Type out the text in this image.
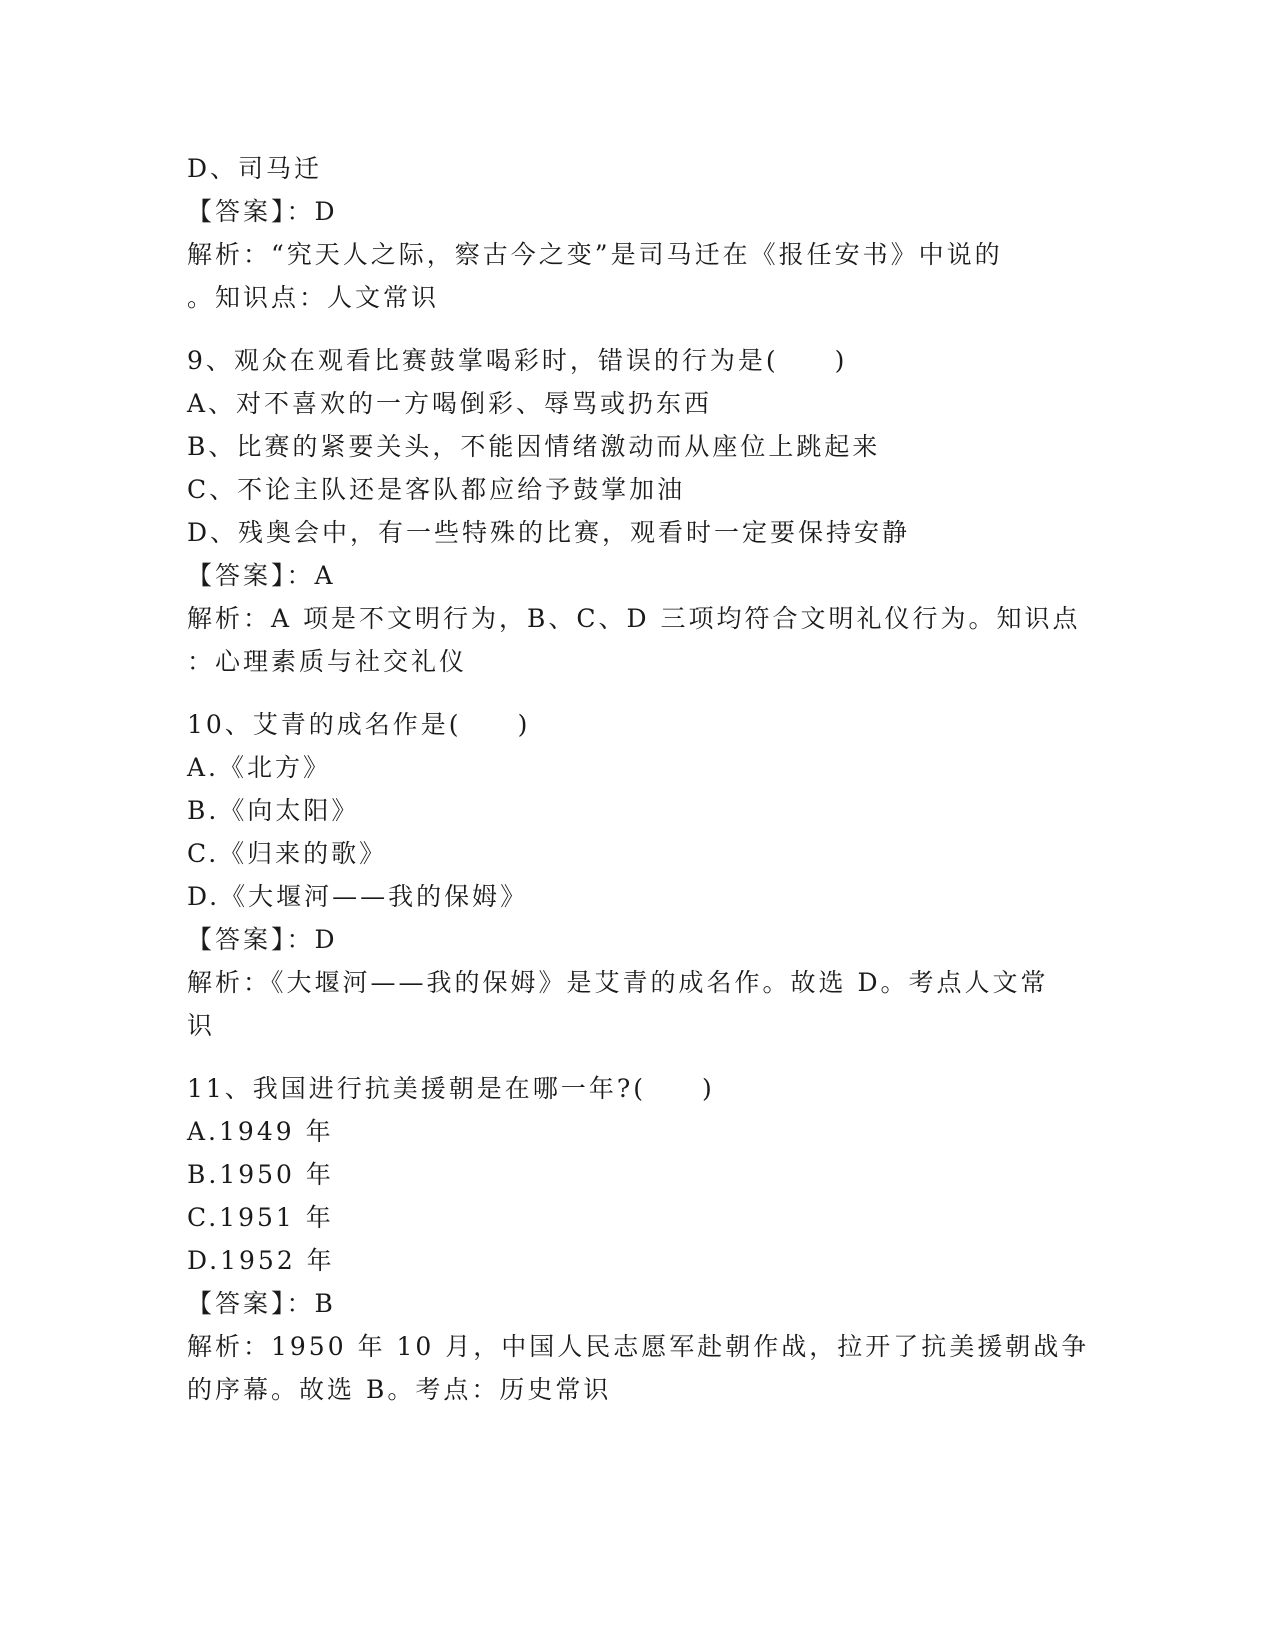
D、司马迁
【答案】：D
解析：“究天人之际，察古今之变”是司马迁在《报任安书》中说的
。知识点：人文常识
9、观众在观看比赛鼓掌喝彩时，错误的行为是(　　)
A、对不喜欢的一方喝倒彩、辱骂或扔东西
B、比赛的紧要关头，不能因情绪激动而从座位上跳起来
C、不论主队还是客队都应给予鼓掌加油
D、残奥会中，有一些特殊的比赛，观看时一定要保持安静
【答案】：A
解析：A 项是不文明行为，B、C、D 三项均符合文明礼仪行为。知识点
：心理素质与社交礼仪
10、艾青的成名作是(　　)
A.《北方》
B.《向太阳》
C.《归来的歌》
D.《大堰河——我的保姆》
【答案】：D
解析：《大堰河——我的保姆》是艾青的成名作。故选 D。考点人文常
识
11、我国进行抗美援朝是在哪一年?(　　)
A.1949 年
B.1950 年
C.1951 年
D.1952 年
【答案】：B
解析：1950 年 10 月，中国人民志愿军赴朝作战，拉开了抗美援朝战争
的序幕。故选 B。考点：历史常识
